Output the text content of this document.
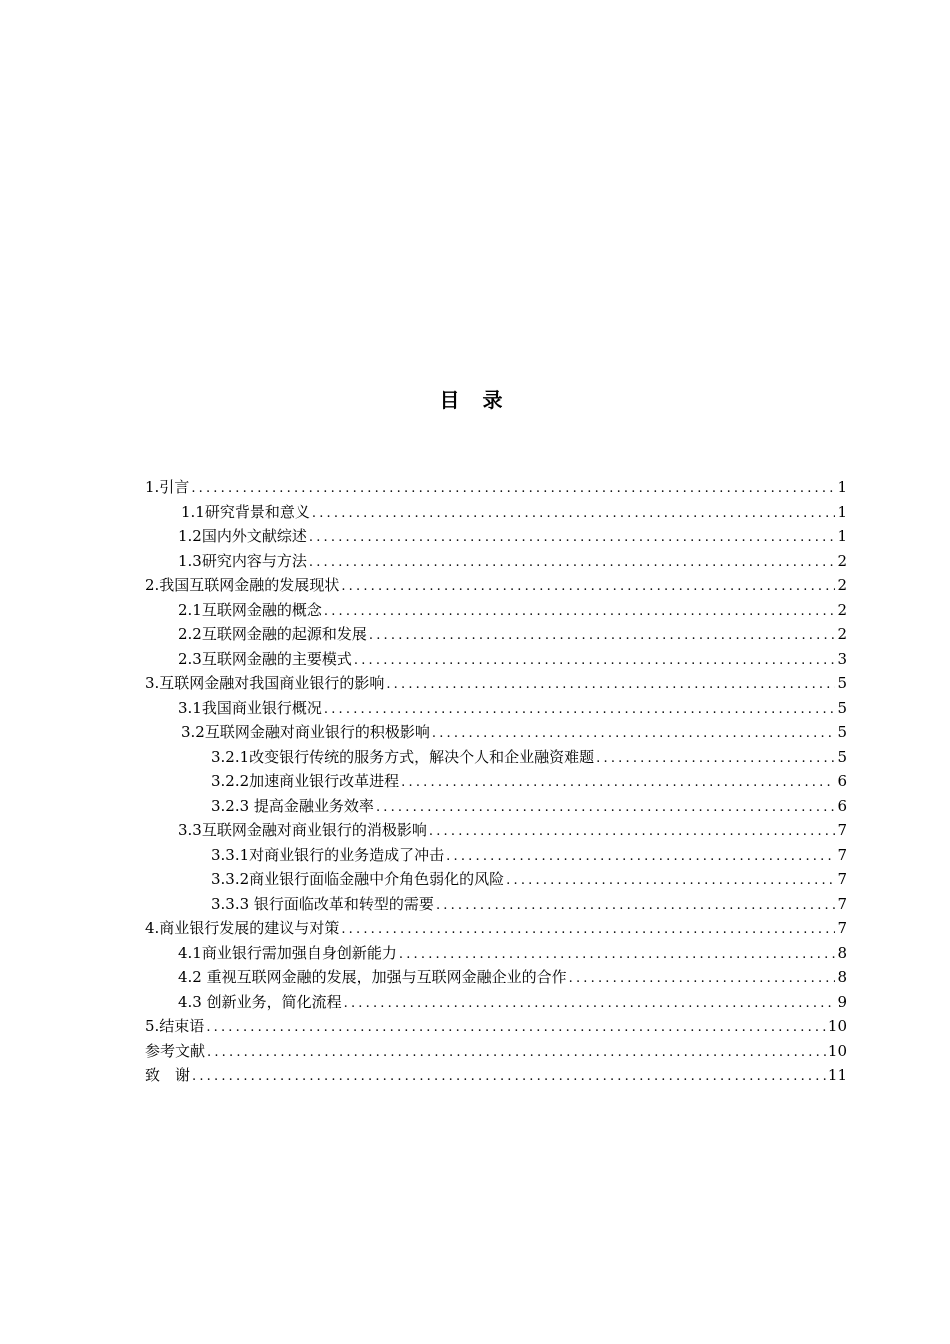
目 录
1.引言 .....	1
1.1研究背景和意义 .....	1
1.2国内外文献综述 .....	1
1.3研究内容与方法 .....	2
2.我国互联网金融的发展现状 .....	2
2.1互联网金融的概念 .....	2
2.2互联网金融的起源和发展 .....	2
2.3互联网金融的主要模式 .....	3
3.互联网金融对我国商业银行的影响 .....	5
3.1我国商业银行概况 .....	5
3.2互联网金融对商业银行的积极影响 .....	5
3.2.1改变银行传统的服务方式，解决个人和企业融资难题 .....	5
3.2.2加速商业银行改革进程 .....	6
3.2.3 提高金融业务效率 .....	6
3.3互联网金融对商业银行的消极影响 .....	7
3.3.1对商业银行的业务造成了冲击 .....	7
3.3.2商业银行面临金融中介角色弱化的风险 .....	7
3.3.3 银行面临改革和转型的需要 .....	7
4.商业银行发展的建议与对策 .....	7
4.1商业银行需加强自身创新能力 .....	8
4.2 重视互联网金融的发展，加强与互联网金融企业的合作 .....	8
4.3 创新业务，简化流程 .....	9
5.结束语 .....	10
参考文献 .....	10
致　谢 .....	11
